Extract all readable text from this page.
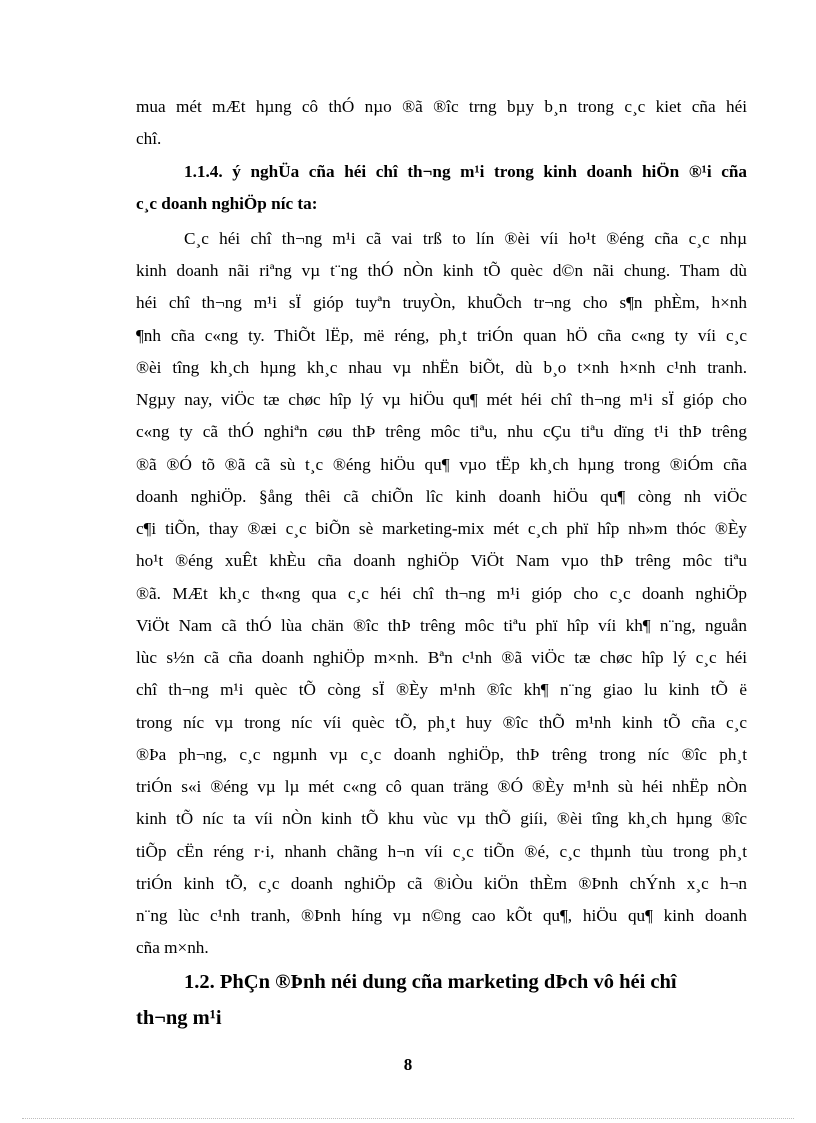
mua mét mÆt hµng cô thÓ nµo ®ã ®îc trng bµy b¸n trong c¸c kiet cña héi
chî.
1.1.4. ý nghÜa cña héi chî th¬ng m¹i trong kinh doanh hiÖn ®¹i cña
c¸c doanh nghiÖp níc ta:
C¸c héi chî th¬ng m¹i cã vai trß to lín ®èi víi ho¹t ®éng cña c¸c nhµ
kinh doanh nãi riªng vµ t¨ng thÓ nÒn kinh tÕ quèc d©n nãi chung. Tham dù
héi chî th¬ng m¹i sÏ gióp tuyªn truyÒn, khuÕch tr¬ng cho s¶n phÈm, h×nh
¶nh cña c«ng ty. ThiÕt lËp, më réng, ph¸t triÓn quan hÖ cña c«ng ty víi c¸c
®èi tîng kh¸ch hµng kh¸c nhau vµ nhËn biÕt, dù b¸o t×nh h×nh c¹nh tranh.
Ngµy nay, viÖc tæ chøc hîp lý vµ hiÖu qu¶ mét héi chî th¬ng m¹i sÏ gióp cho
c«ng ty cã thÓ nghiªn cøu thÞ trêng môc tiªu, nhu cÇu tiªu dïng t¹i thÞ trêng
®ã ®Ó tõ ®ã cã sù t¸c ®éng hiÖu qu¶ vµo tËp kh¸ch hµng trong ®iÓm cña
doanh nghiÖp. §ång thêi cã chiÕn lîc kinh doanh hiÖu qu¶ còng nh viÖc
c¶i tiÕn, thay ®æi c¸c biÕn sè marketing-mix mét c¸ch phï hîp nh»m thóc ®Èy
ho¹t ®éng xuÊt khÈu cña doanh nghiÖp ViÖt Nam vµo thÞ trêng môc tiªu
®ã. MÆt kh¸c th«ng qua c¸c héi chî th¬ng m¹i gióp cho c¸c doanh nghiÖp
ViÖt Nam cã thÓ lùa chän ®îc thÞ trêng môc tiªu phï hîp víi kh¶ n¨ng, nguån
lùc s½n cã cña doanh nghiÖp m×nh. Bªn c¹nh ®ã viÖc tæ chøc hîp lý c¸c héi
chî th¬ng m¹i quèc tÕ còng sÏ ®Èy m¹nh ®îc kh¶ n¨ng giao lu kinh tÕ ë
trong níc vµ trong níc víi quèc tÕ, ph¸t huy ®îc thÕ m¹nh kinh tÕ cña c¸c
®Þa ph¬ng, c¸c ngµnh vµ c¸c doanh nghiÖp, thÞ trêng trong níc ®îc ph¸t
triÓn s«i ®éng vµ lµ mét c«ng cô quan träng ®Ó ®Èy m¹nh sù héi nhËp nÒn
kinh tÕ níc ta víi nÒn kinh tÕ khu vùc vµ thÕ giíi, ®èi tîng kh¸ch hµng ®îc
tiÕp cËn réng r·i, nhanh chãng h¬n víi c¸c tiÕn ®é, c¸c thµnh tùu trong ph¸t
triÓn kinh tÕ, c¸c doanh nghiÖp cã ®iÒu kiÖn thÈm ®Þnh chÝnh x¸c h¬n
n¨ng lùc c¹nh tranh, ®Þnh híng vµ n©ng cao kÕt qu¶, hiÖu qu¶ kinh doanh
cña m×nh.
1.2. PhÇn ®Þnh néi dung cña marketing dÞch vô héi chî
th¬ng m¹i
8
